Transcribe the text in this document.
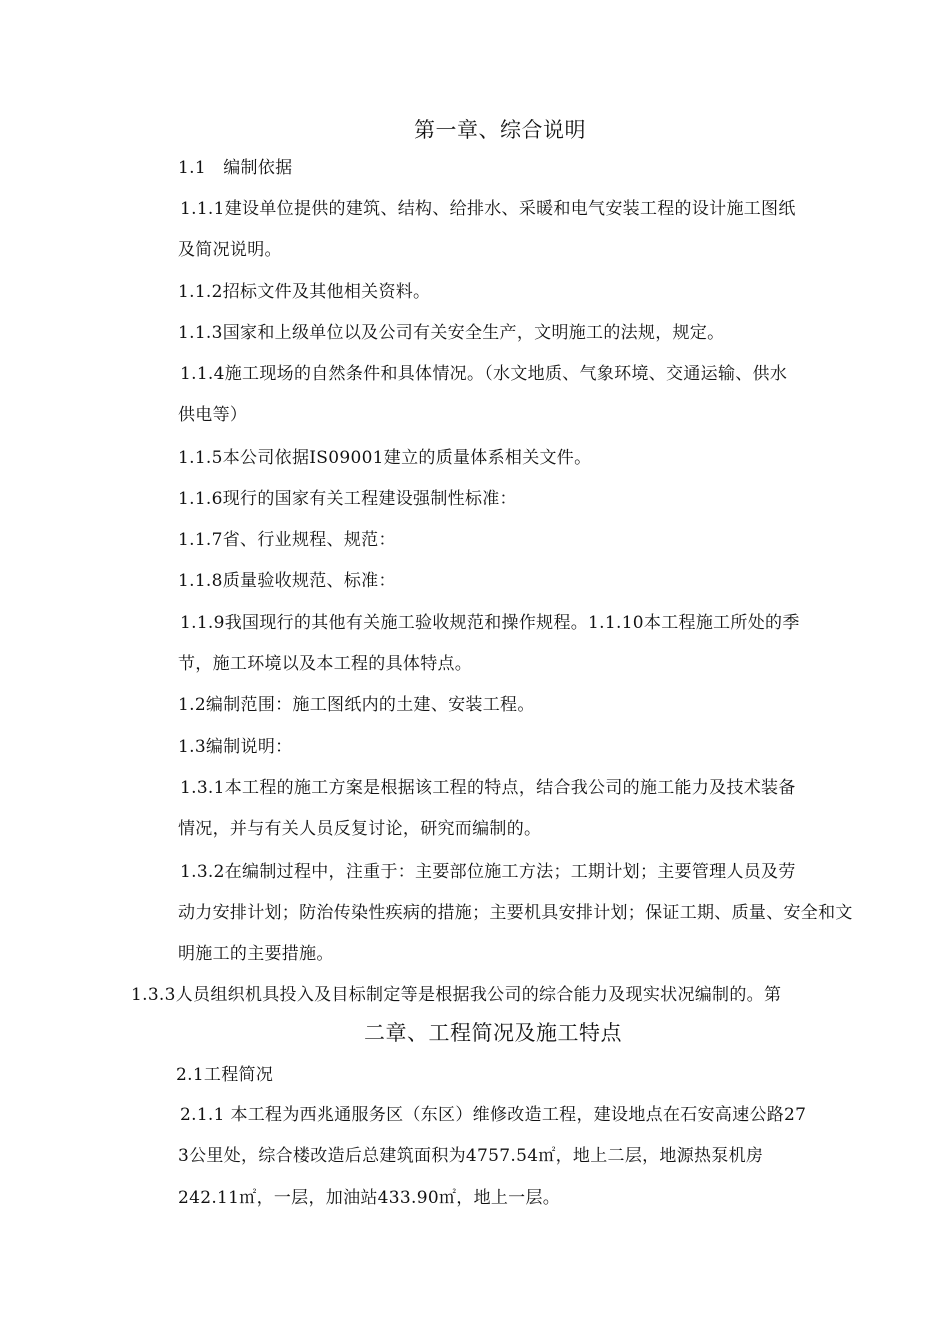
第一章、综合说明
1.1　编制依据
1.1.1建设单位提供的建筑、结构、给排水、采暖和电气安装工程的设计施工图纸
及简况说明。
1.1.2招标文件及其他相关资料。
1.1.3国家和上级单位以及公司有关安全生产，文明施工的法规，规定。
1.1.4施工现场的自然条件和具体情况。（水文地质、气象环境、交通运输、供水
供电等）
1.1.5本公司依据IS09001建立的质量体系相关文件。
1.1.6现行的国家有关工程建设强制性标准：
1.1.7省、行业规程、规范：
1.1.8质量验收规范、标准：
1.1.9我国现行的其他有关施工验收规范和操作规程。1.1.10本工程施工所处的季
节，施工环境以及本工程的具体特点。
1.2编制范围：施工图纸内的土建、安装工程。
1.3编制说明：
1.3.1本工程的施工方案是根据该工程的特点，结合我公司的施工能力及技术装备
情况，并与有关人员反复讨论，研究而编制的。
1.3.2在编制过程中，注重于：主要部位施工方法；工期计划；主要管理人员及劳
动力安排计划；防治传染性疾病的措施；主要机具安排计划；保证工期、质量、安全和文
明施工的主要措施。
1.3.3人员组织机具投入及目标制定等是根据我公司的综合能力及现实状况编制的。第
二章、工程简况及施工特点
2.1工程简况
2.1.1 本工程为西兆通服务区（东区）维修改造工程，建设地点在石安高速公路27
3公里处，综合楼改造后总建筑面积为4757.54㎡，地上二层，地源热泵机房
242.11㎡，一层，加油站433.90㎡，地上一层。
